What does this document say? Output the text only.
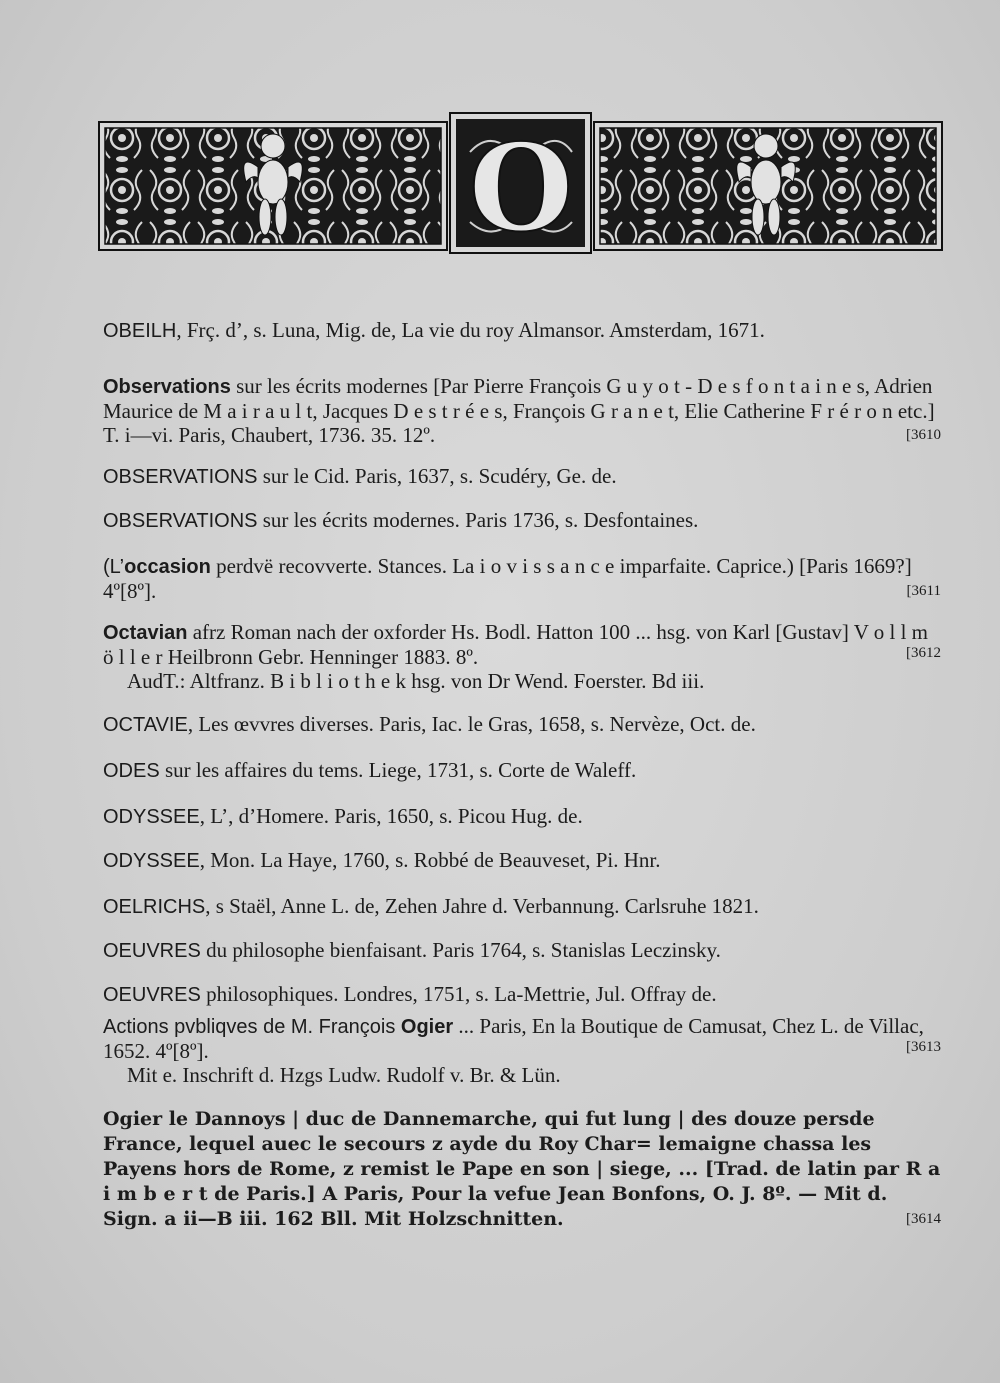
O

OBEILH, Frç. d’, s. Luna, Mig. de, La vie du roy Almansor. Amsterdam, 1671.

Observations sur les écrits modernes [Par Pierre François G u y o t - D e s f o n t a i n e s, Adrien Maurice de M a i r a u l t, Jacques D e s t r é e s, François G r a n e t, Elie Catherine F r é r o n etc.] T. i—vi. Paris, Chaubert, 1736. 35. 12º.	[3610

OBSERVATIONS sur le Cid. Paris, 1637, s. Scudéry, Ge. de.

OBSERVATIONS sur les écrits modernes. Paris 1736, s. Desfontaines.

(L’occasion perdvë recovverte. Stances. La i o v i s s a n c e imparfaite. Caprice.) [Paris 1669?] 4º[8º].	[3611

Octavian afrz Roman nach der oxforder Hs. Bodl. Hatton 100 ... hsg. von Karl [Gustav] V o l l m ö l l e r Heilbronn Gebr. Henninger 1883. 8º.	[3612
AudT.: Altfranz. B i b l i o t h e k hsg. von Dr Wend. Foerster. Bd iii.

OCTAVIE, Les œvvres diverses. Paris, Iac. le Gras, 1658, s. Nervèze, Oct. de.

ODES sur les affaires du tems. Liege, 1731, s. Corte de Waleff.

ODYSSEE, L’, d’Homere. Paris, 1650, s. Picou Hug. de.

ODYSSEE, Mon. La Haye, 1760, s. Robbé de Beauveset, Pi. Hnr.

OELRICHS, s Staël, Anne L. de, Zehen Jahre d. Verbannung. Carlsruhe 1821.

OEUVRES du philosophe bienfaisant. Paris 1764, s. Stanislas Leczinsky.

OEUVRES philosophiques. Londres, 1751, s. La-Mettrie, Jul. Offray de.

Actions pvbliqves de M. François Ogier ... Paris, En la Boutique de Camusat, Chez L. de Villac, 1652. 4º[8º].	[3613
Mit e. Inschrift d. Hzgs Ludw. Rudolf v. Br. & Lün.

Ogier le Dannoys | duc de Dannemarche, qui fut lung | des douze persde France, lequel auec le secours z ayde du Roy Char= lemaigne chassa les Payens hors de Rome, z remist le Pape en son | siege, ... [Trad. de latin par R a i m b e r t de Paris.] A Paris, Pour la vefue Jean Bonfons, O. J. 8º. — Mit d. Sign. a ii—B iii. 162 Bll. Mit Holzschnitten.	[3614
